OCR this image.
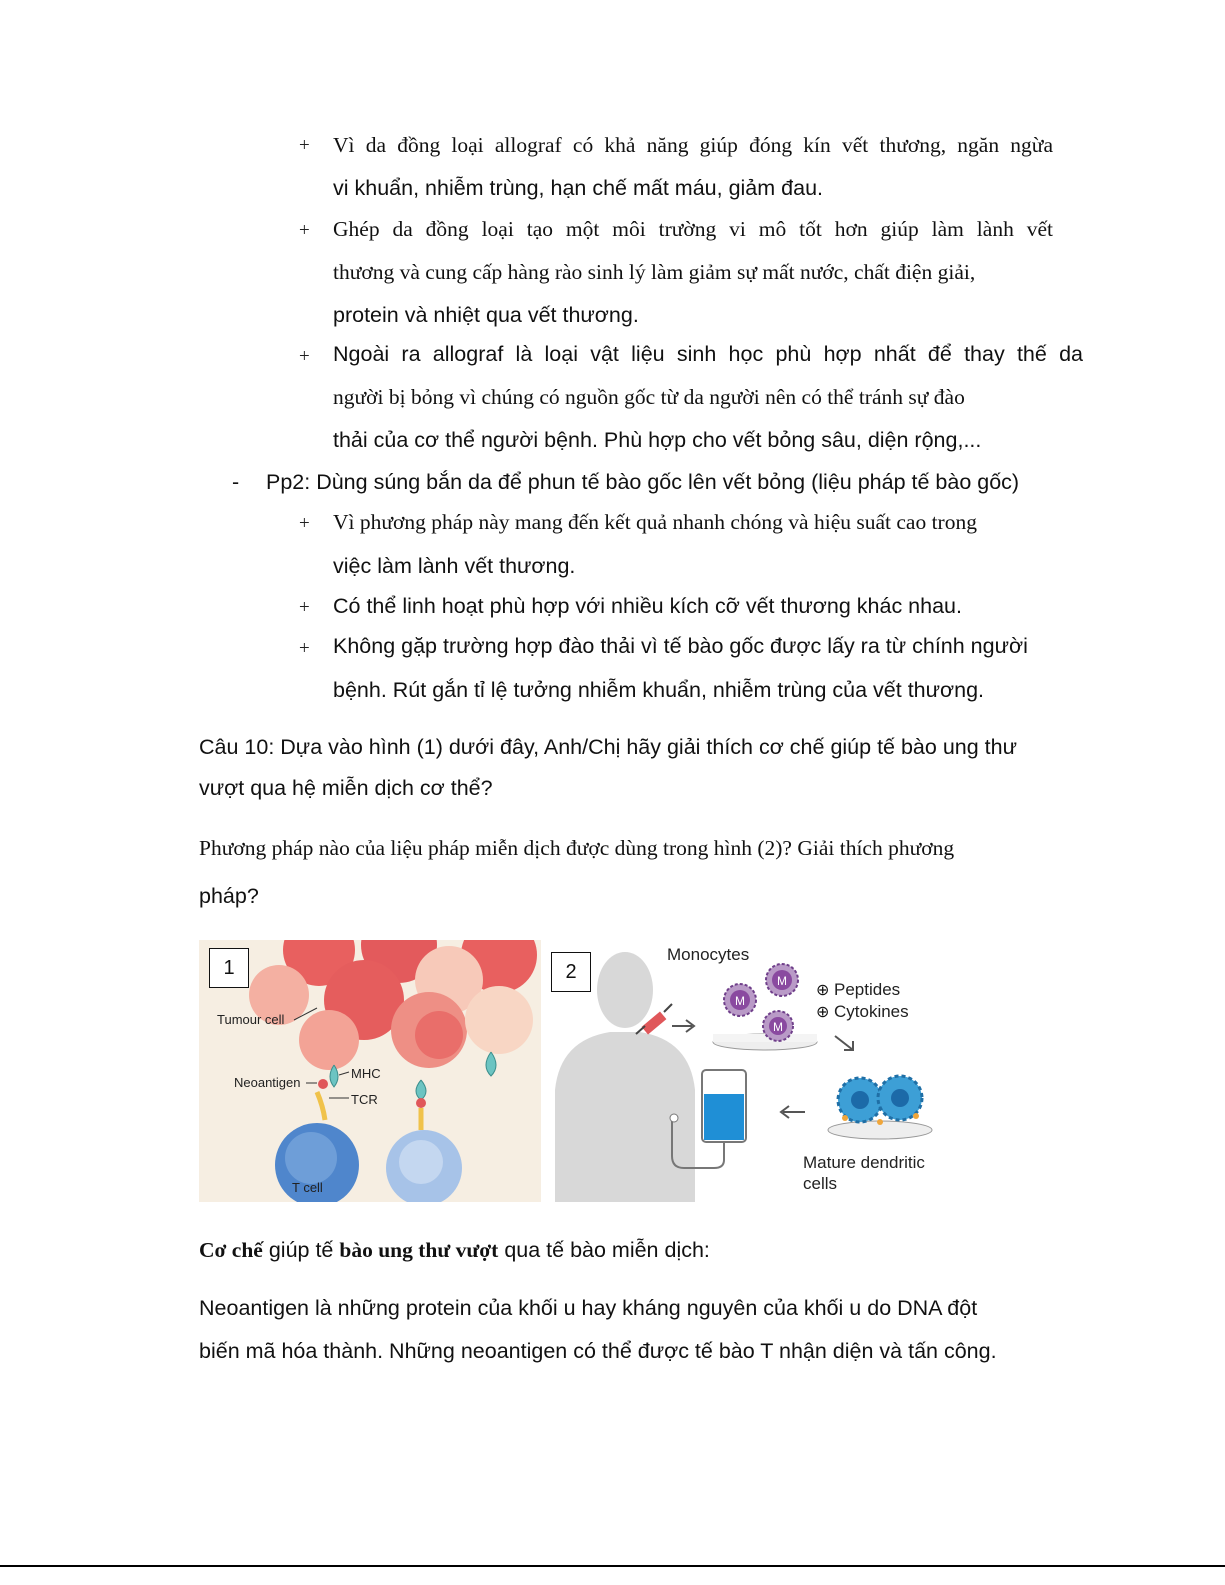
+ Vì da đồng loại allograf có khả năng giúp đóng kín vết thương, ngăn ngừa
vi khuẩn, nhiễm trùng, hạn chế mất máu, giảm đau.
+ Ghép da đồng loại tạo một môi trường vi mô tốt hơn giúp làm lành vết
thương và cung cấp hàng rào sinh lý làm giảm sự mất nước, chất điện giải,
protein và nhiệt qua vết thương.
+ Ngoài ra allograf là loại vật liệu sinh học phù hợp nhất để thay thế da
người bị bỏng vì chúng có nguồn gốc từ da người nên có thể tránh sự đào
thải của cơ thể người bệnh. Phù hợp cho vết bỏng sâu, diện rộng,...
- Pp2: Dùng súng bắn da để phun tế bào gốc lên vết bỏng (liệu pháp tế bào gốc)
+ Vì phương pháp này mang đến kết quả nhanh chóng và hiệu suất cao trong
việc làm lành vết thương.
+ Có thể linh hoạt phù hợp với nhiều kích cỡ vết thương khác nhau.
+ Không gặp trường hợp đào thải vì tế bào gốc được lấy ra từ chính người
bệnh. Rút gắn tỉ lệ tưởng nhiễm khuẩn, nhiễm trùng của vết thương.
Câu 10: Dựa vào hình (1) dưới đây, Anh/Chị hãy giải thích cơ chế giúp tế bào ung thư
vượt qua hệ miễn dịch cơ thể?
Phương pháp nào của liệu pháp miễn dịch được dùng trong hình (2)? Giải thích phương
pháp?
1
Tumour cell
Neoantigen
MHC
TCR
T cell
M
M
M
2
Monocytes
Peptides
Cytokines
⊕
⊕
Mature dendritic
cells
Cơ chế giúp tế bào ung thư vượt qua tế bào miễn dịch:
Neoantigen là những protein của khối u hay kháng nguyên của khối u do DNA đột
biến mã hóa thành. Những neoantigen có thể được tế bào T nhận diện và tấn công.
